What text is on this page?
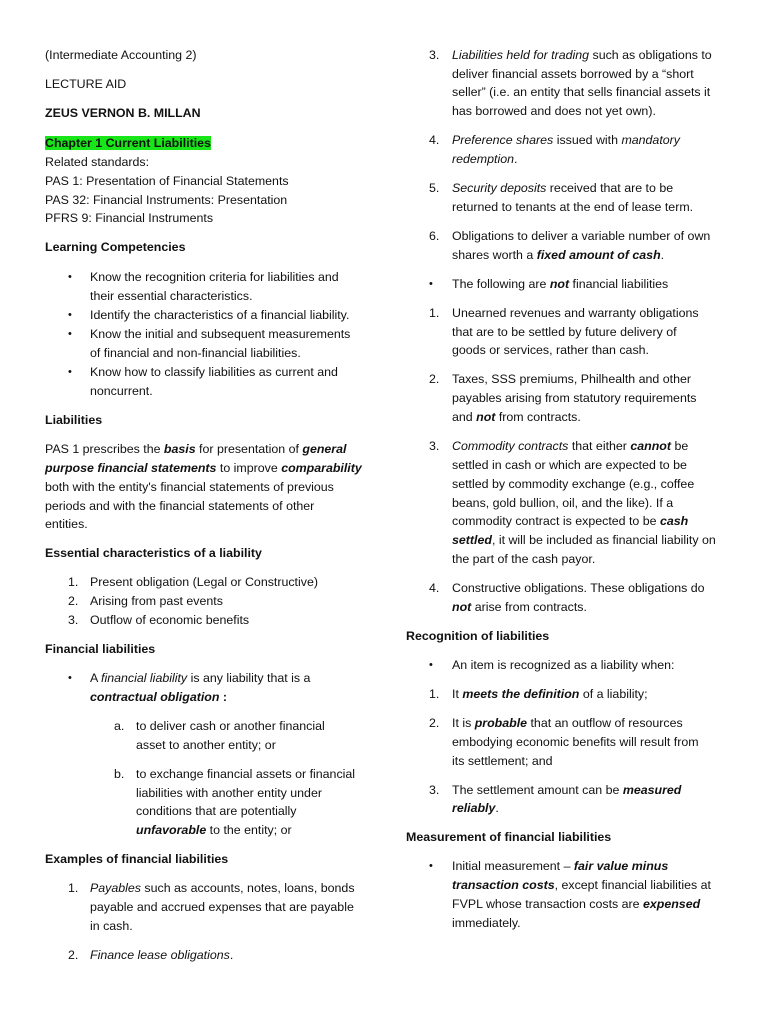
(Intermediate Accounting 2)
LECTURE AID
ZEUS VERNON B. MILLAN
Chapter 1 Current Liabilities
Related standards:
PAS 1: Presentation of Financial Statements
PAS 32: Financial Instruments: Presentation
PFRS 9: Financial Instruments
Learning Competencies
• Know the recognition criteria for liabilities and
their essential characteristics.
• Identify the characteristics of a financial liability.
• Know the initial and subsequent measurements
of financial and non-financial liabilities.
• Know how to classify liabilities as current and
noncurrent.
Liabilities
PAS 1 prescribes the basis for presentation of general
purpose financial statements to improve comparability
both with the entity's financial statements of previous
periods and with the financial statements of other
entities.
Essential characteristics of a liability
1. Present obligation (Legal or Constructive)
2. Arising from past events
3. Outflow of economic benefits
Financial liabilities
• A financial liability is any liability that is a
contractual obligation :
a. to deliver cash or another financial
asset to another entity; or
b. to exchange financial assets or financial
liabilities with another entity under
conditions that are potentially
unfavorable to the entity; or
Examples of financial liabilities
1. Payables such as accounts, notes, loans, bonds
payable and accrued expenses that are payable
in cash.
2. Finance lease obligations.
3. Liabilities held for trading such as obligations to
deliver financial assets borrowed by a “short
seller” (i.e. an entity that sells financial assets it
has borrowed and does not yet own).
4. Preference shares issued with mandatory
redemption.
5. Security deposits received that are to be
returned to tenants at the end of lease term.
6. Obligations to deliver a variable number of own
shares worth a fixed amount of cash.
• The following are not financial liabilities
1. Unearned revenues and warranty obligations
that are to be settled by future delivery of
goods or services, rather than cash.
2. Taxes, SSS premiums, Philhealth and other
payables arising from statutory requirements
and not from contracts.
3. Commodity contracts that either cannot be
settled in cash or which are expected to be
settled by commodity exchange (e.g., coffee
beans, gold bullion, oil, and the like). If a
commodity contract is expected to be cash
settled, it will be included as financial liability on
the part of the cash payor.
4. Constructive obligations. These obligations do
not arise from contracts.
Recognition of liabilities
• An item is recognized as a liability when:
1. It meets the definition of a liability;
2. It is probable that an outflow of resources
embodying economic benefits will result from
its settlement; and
3. The settlement amount can be measured
reliably.
Measurement of financial liabilities
• Initial measurement – fair value minus
transaction costs, except financial liabilities at
FVPL whose transaction costs are expensed
immediately.
